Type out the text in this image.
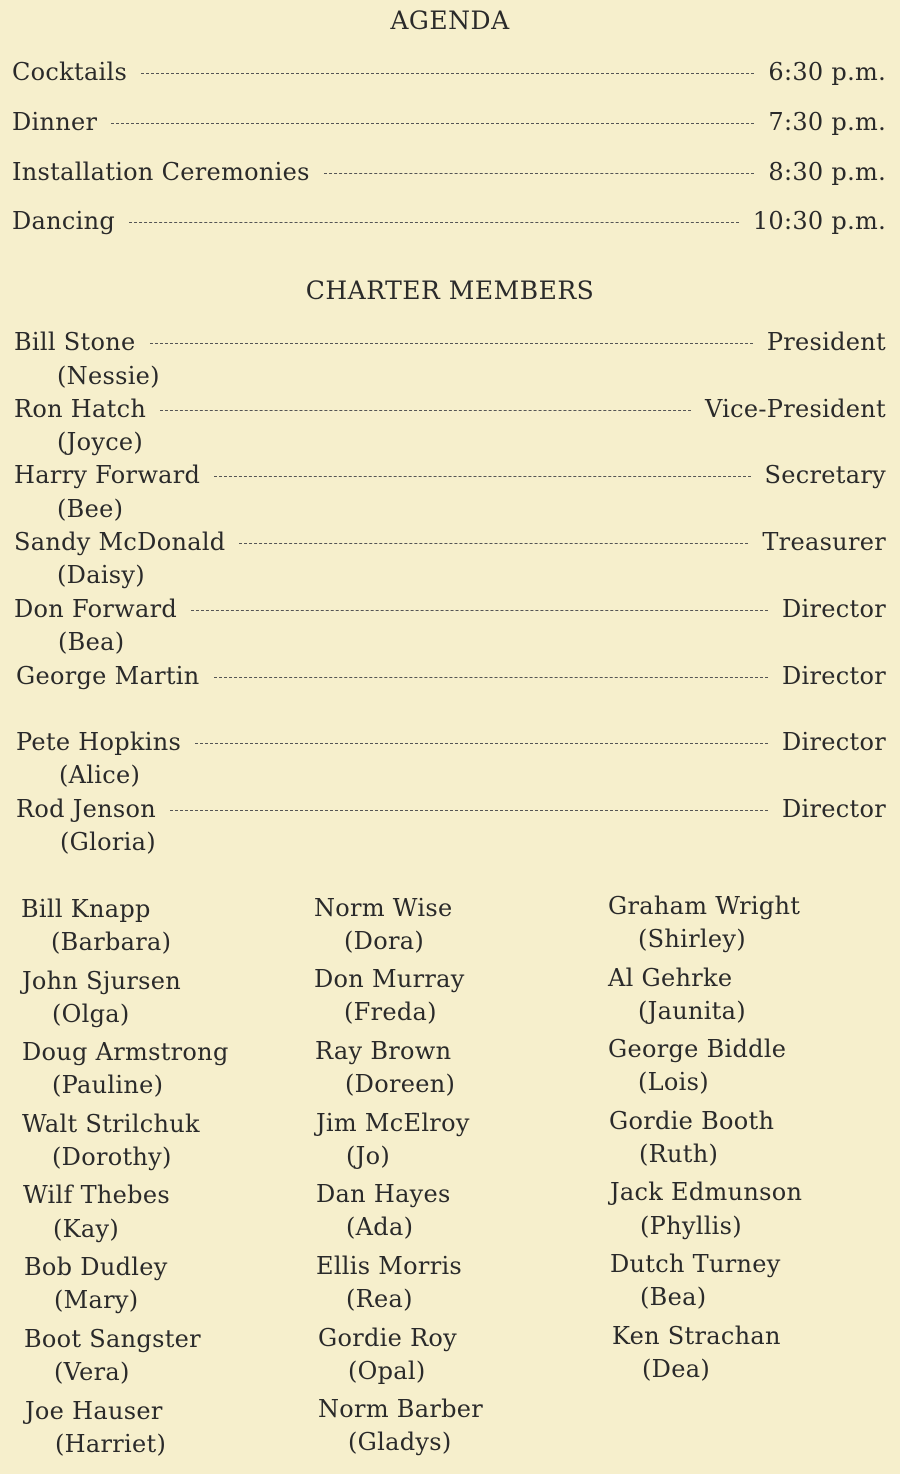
AGENDA
Cocktails	6:30 p.m.
Dinner	7:30 p.m.
Installation Ceremonies	8:30 p.m.
Dancing	10:30 p.m.
CHARTER MEMBERS
Bill Stone	President
(Nessie)
Ron Hatch	Vice-President
(Joyce)
Harry Forward	Secretary
(Bee)
Sandy McDonald	Treasurer
(Daisy)
Don Forward	Director
(Bea)
George Martin	Director
Pete Hopkins	Director
(Alice)
Rod Jenson	Director
(Gloria)
Bill Knapp
(Barbara)
John Sjursen
(Olga)
Doug Armstrong
(Pauline)
Walt Strilchuk
(Dorothy)
Wilf Thebes
(Kay)
Bob Dudley
(Mary)
Boot Sangster
(Vera)
Joe Hauser
(Harriet)
Norm Wise
(Dora)
Don Murray
(Freda)
Ray Brown
(Doreen)
Jim McElroy
(Jo)
Dan Hayes
(Ada)
Ellis Morris
(Rea)
Gordie Roy
(Opal)
Norm Barber
(Gladys)
Graham Wright
(Shirley)
Al Gehrke
(Jaunita)
George Biddle
(Lois)
Gordie Booth
(Ruth)
Jack Edmunson
(Phyllis)
Dutch Turney
(Bea)
Ken Strachan
(Dea)
